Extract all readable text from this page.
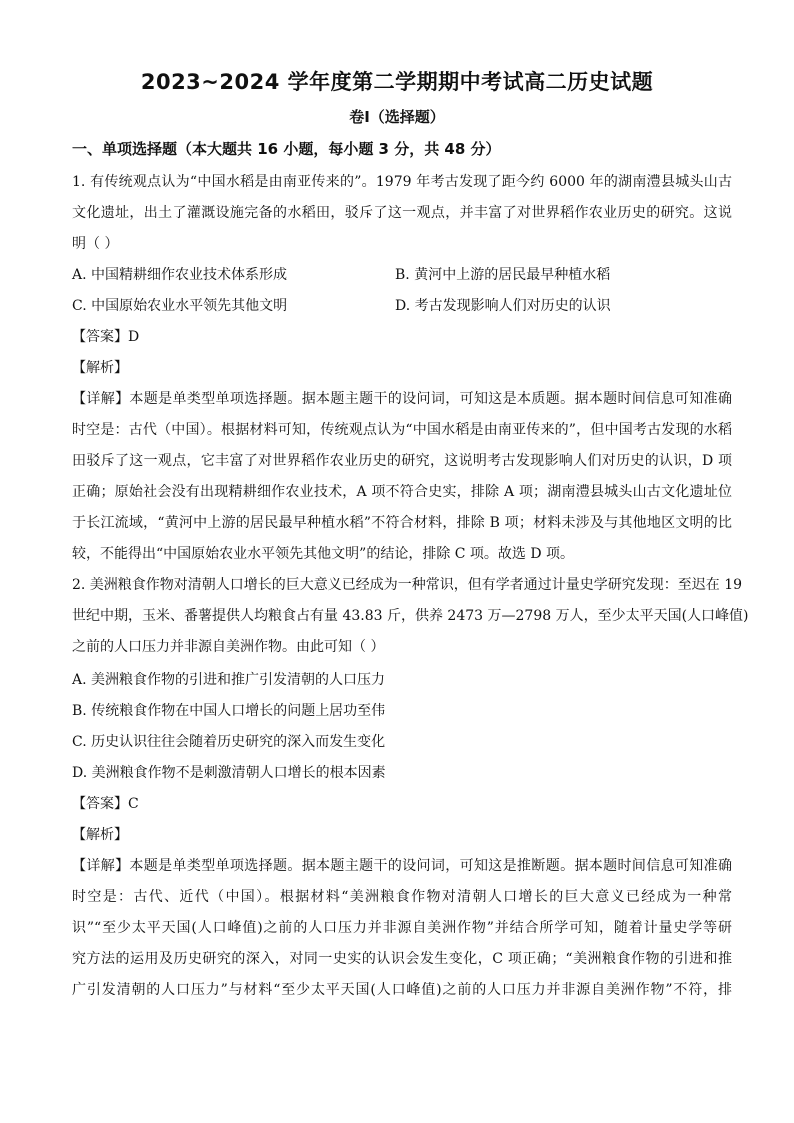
2023~2024 学年度第二学期期中考试高二历史试题
卷Ⅰ（选择题）
一、单项选择题（本大题共 16 小题，每小题 3 分，共 48 分）
1. 有传统观点认为“中国水稻是由南亚传来的”。1979 年考古发现了距今约 6000 年的湖南澧县城头山古
文化遗址，出土了灌溉设施完备的水稻田，驳斥了这一观点，并丰富了对世界稻作农业历史的研究。这说
明（ ）
A. 中国精耕细作农业技术体系形成	B. 黄河中上游的居民最早种植水稻
C. 中国原始农业水平领先其他文明	D. 考古发现影响人们对历史的认识
【答案】D
【解析】
【详解】本题是单类型单项选择题。据本题主题干的设问词，可知这是本质题。据本题时间信息可知准确
时空是：古代（中国）。根据材料可知，传统观点认为“中国水稻是由南亚传来的”，但中国考古发现的水稻
田驳斥了这一观点，它丰富了对世界稻作农业历史的研究，这说明考古发现影响人们对历史的认识，D 项
正确；原始社会没有出现精耕细作农业技术，A 项不符合史实，排除 A 项；湖南澧县城头山古文化遗址位
于长江流域，“黄河中上游的居民最早种植水稻”不符合材料，排除 B 项；材料未涉及与其他地区文明的比
较，不能得出“中国原始农业水平领先其他文明”的结论，排除 C 项。故选 D 项。
2. 美洲粮食作物对清朝人口增长的巨大意义已经成为一种常识，但有学者通过计量史学研究发现：至迟在 19
世纪中期，玉米、番薯提供人均粮食占有量 43.83 斤，供养 2473 万—2798 万人，至少太平天国(人口峰值)
之前的人口压力并非源自美洲作物。由此可知（ ）
A. 美洲粮食作物的引进和推广引发清朝的人口压力
B. 传统粮食作物在中国人口增长的问题上居功至伟
C. 历史认识往往会随着历史研究的深入而发生变化
D. 美洲粮食作物不是刺激清朝人口增长的根本因素
【答案】C
【解析】
【详解】本题是单类型单项选择题。据本题主题干的设问词，可知这是推断题。据本题时间信息可知准确
时空是：古代、近代（中国）。根据材料“美洲粮食作物对清朝人口增长的巨大意义已经成为一种常
识”“至少太平天国(人口峰值)之前的人口压力并非源自美洲作物”并结合所学可知，随着计量史学等研
究方法的运用及历史研究的深入，对同一史实的认识会发生变化，C 项正确；“美洲粮食作物的引进和推
广引发清朝的人口压力”与材料“至少太平天国(人口峰值)之前的人口压力并非源自美洲作物”不符，排
